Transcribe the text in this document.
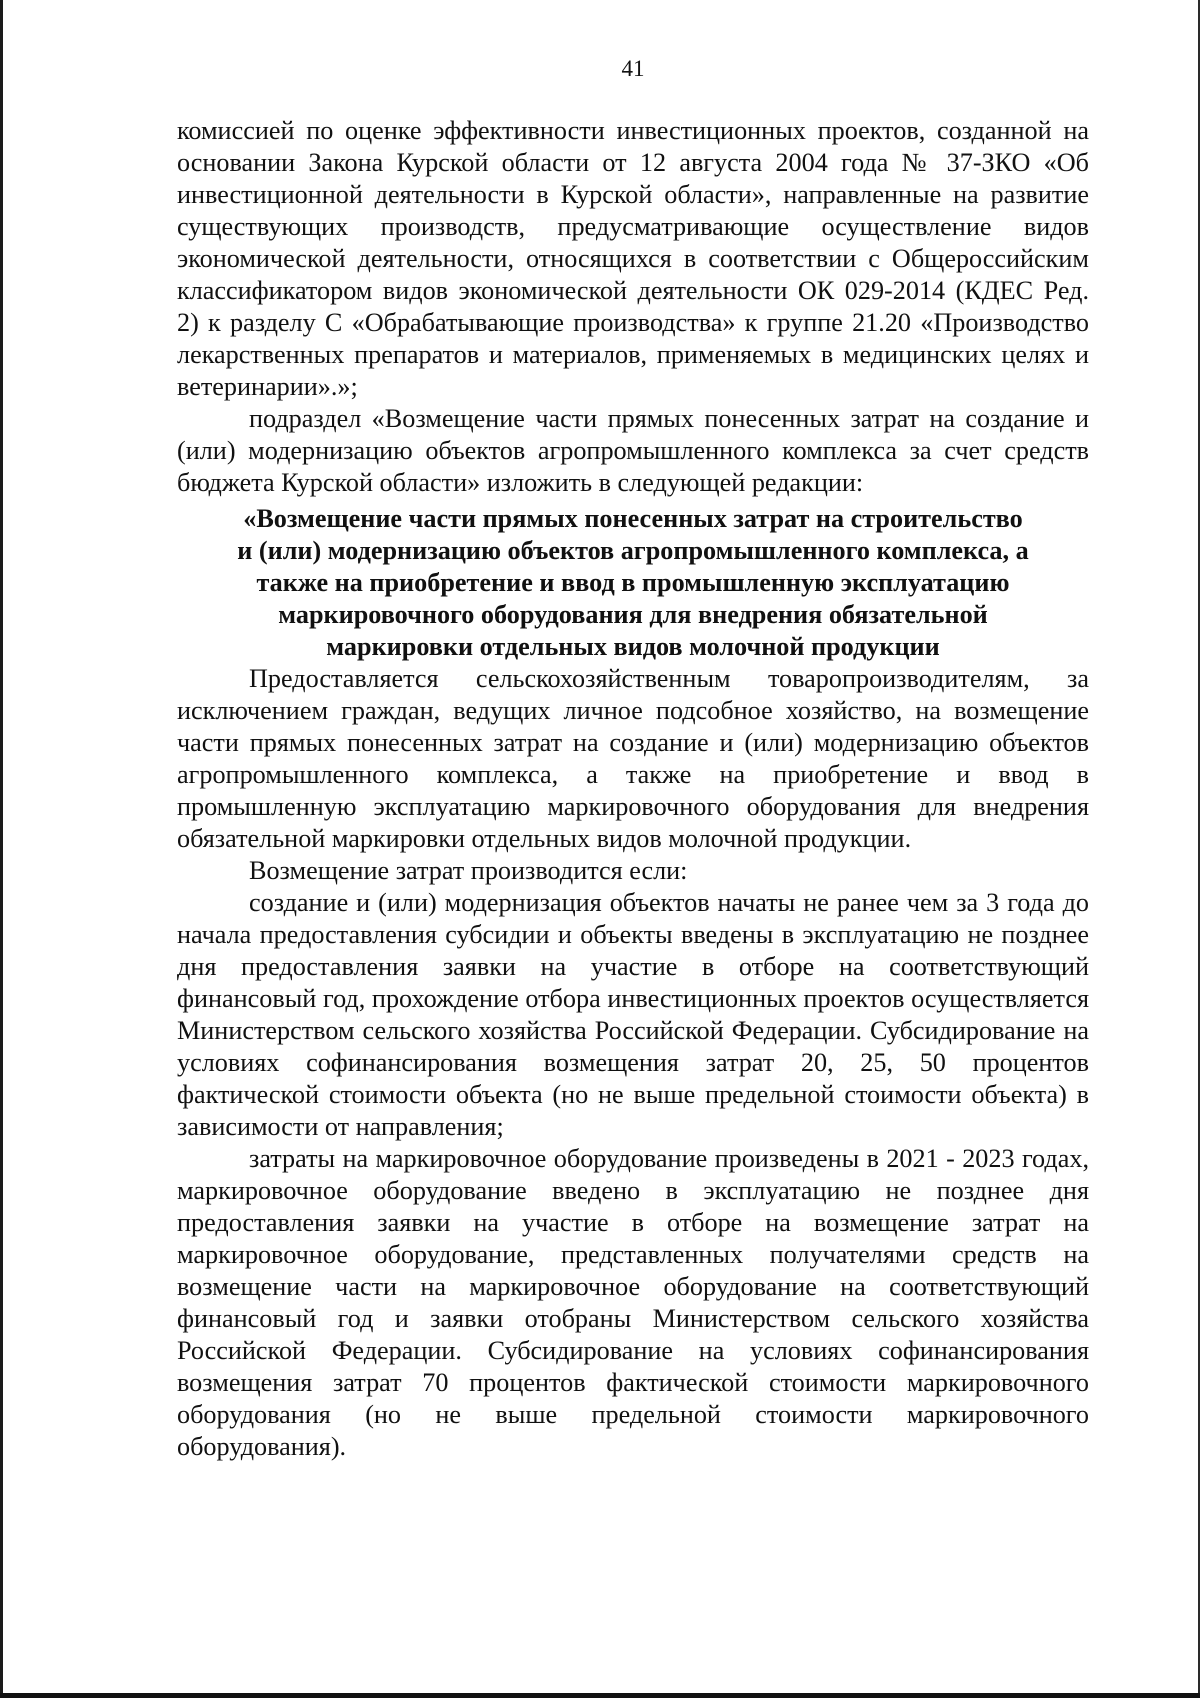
41

комиссией по оценке эффективности инвестиционных проектов, созданной на основании Закона Курской области от 12 августа 2004 года № 37-ЗКО «Об инвестиционной деятельности в Курской области», направленные на развитие существующих производств, предусматривающие осуществление видов экономической деятельности, относящихся в соответствии с Общероссийским классификатором видов экономической деятельности ОК 029-2014 (КДЕС Ред. 2) к разделу С «Обрабатывающие производства» к группе 21.20 «Производство лекарственных препаратов и материалов, применяемых в медицинских целях и ветеринарии».»;

подраздел «Возмещение части прямых понесенных затрат на создание и (или) модернизацию объектов агропромышленного комплекса за счет средств бюджета Курской области» изложить в следующей редакции:

«Возмещение части прямых понесенных затрат на строительство
и (или) модернизацию объектов агропромышленного комплекса, а
также на приобретение и ввод в промышленную эксплуатацию
маркировочного оборудования для внедрения обязательной
маркировки отдельных видов молочной продукции

Предоставляется сельскохозяйственным товаропроизводителям, за исключением граждан, ведущих личное подсобное хозяйство, на возмещение части прямых понесенных затрат на создание и (или) модернизацию объектов агропромышленного комплекса, а также на приобретение и ввод в промышленную эксплуатацию маркировочного оборудования для внедрения обязательной маркировки отдельных видов молочной продукции.

Возмещение затрат производится если:

создание и (или) модернизация объектов начаты не ранее чем за 3 года до начала предоставления субсидии и объекты введены в эксплуатацию не позднее дня предоставления заявки на участие в отборе на соответствующий финансовый год, прохождение отбора инвестиционных проектов осуществляется Министерством сельского хозяйства Российской Федерации. Субсидирование на условиях софинансирования возмещения затрат 20, 25, 50 процентов фактической стоимости объекта (но не выше предельной стоимости объекта) в зависимости от направления;

затраты на маркировочное оборудование произведены в 2021 - 2023 годах, маркировочное оборудование введено в эксплуатацию не позднее дня предоставления заявки на участие в отборе на возмещение затрат на маркировочное оборудование, представленных получателями средств на возмещение части на маркировочное оборудование на соответствующий финансовый год и заявки отобраны Министерством сельского хозяйства Российской Федерации. Субсидирование на условиях софинансирования возмещения затрат 70 процентов фактической стоимости маркировочного оборудования (но не выше предельной стоимости маркировочного оборудования).
